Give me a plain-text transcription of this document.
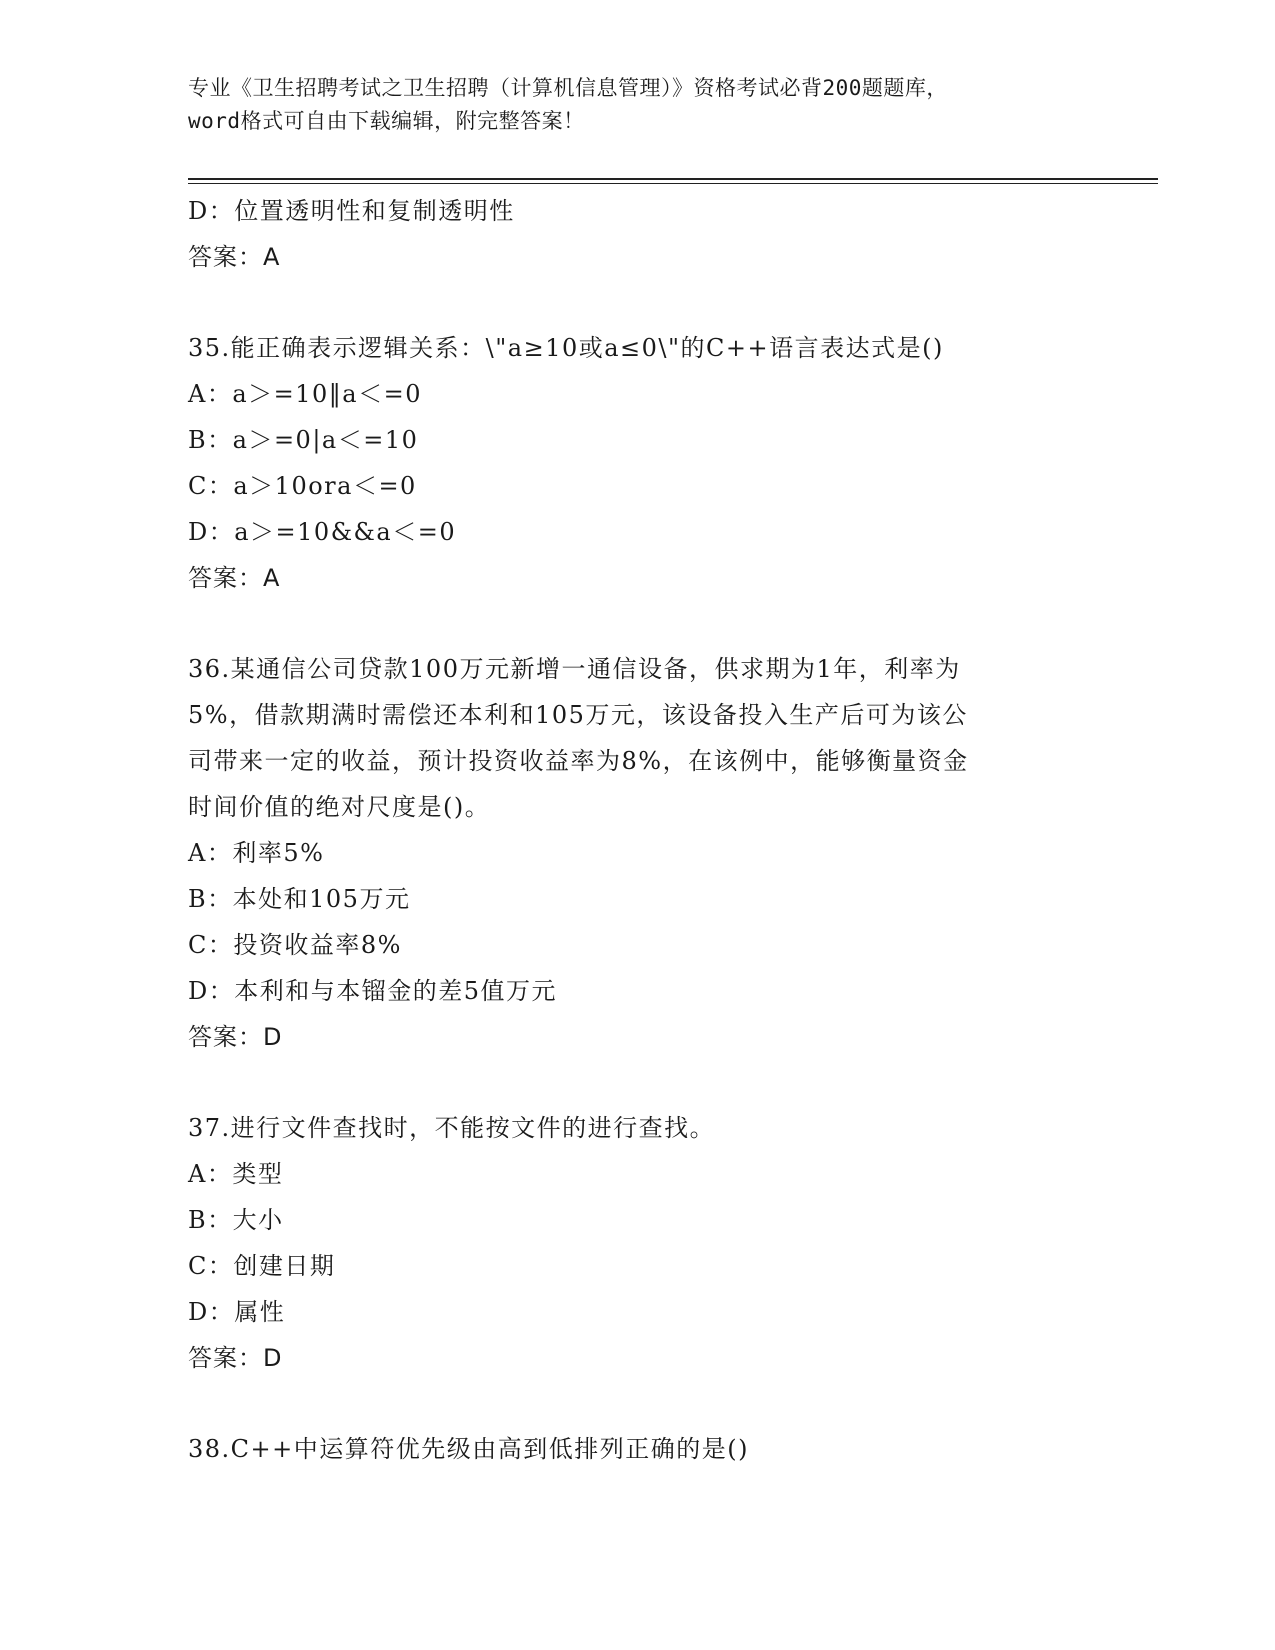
专业《卫生招聘考试之卫生招聘（计算机信息管理）》资格考试必背200题题库，
word格式可自由下载编辑，附完整答案！
D：位置透明性和复制透明性
答案：A
35.能正确表示逻辑关系：\"a≥10或a≤0\"的C++语言表达式是()
A：a＞=10‖a＜=0
B：a＞=0|a＜=10
C：a＞10ora＜=0
D：a＞=10&&a＜=0
答案：A
36.某通信公司贷款100万元新增一通信设备，供求期为1年，利率为
5%，借款期满时需偿还本利和105万元，该设备投入生产后可为该公
司带来一定的收益，预计投资收益率为8%，在该例中，能够衡量资金
时间价值的绝对尺度是()。
A：利率5%
B：本处和105万元
C：投资收益率8%
D：本利和与本镏金的差5值万元
答案：D
37.进行文件查找时，不能按文件的进行查找。
A：类型
B：大小
C：创建日期
D：属性
答案：D
38.C++中运算符优先级由高到低排列正确的是()
